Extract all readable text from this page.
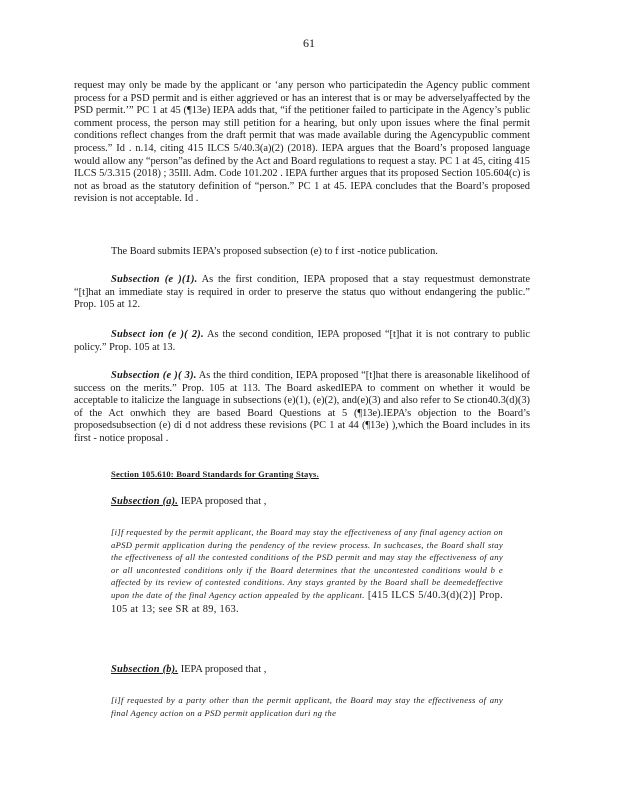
61

request may only be made by the applicant or ‘any person who participatedin the Agency public comment process for a PSD permit and is either aggrieved or has an interest that is or may be adverselyaffected by the PSD permit.’” PC 1 at 45 (¶13e) IEPA adds that, “if the petitioner failed to participate in the Agency’s public comment process, the person may still petition for a hearing, but only upon issues where the final permit conditions reflect changes from the draft permit that was made available during the Agencypublic comment process.” Id . n.14, citing 415 ILCS 5/40.3(a)(2) (2018). IEPA argues that the Board’s proposed language would allow any “person”as defined by the Act and Board regulations to request a stay. PC 1 at 45, citing 415 ILCS 5/3.315 (2018) ; 35Ill. Adm. Code 101.202 . IEPA further argues that its proposed Section 105.604(c) is not as broad as the statutory definition of “person.” PC 1 at 45. IEPA concludes that the Board’s proposed revision is not acceptable. Id .

The Board submits IEPA’s proposed subsection (e) to f irst -notice publication.

Subsection (e )(1). As the first condition, IEPA proposed that a stay requestmust demonstrate “[t]hat an immediate stay is required in order to preserve the status quo without endangering the public.” Prop. 105 at 12.

Subsect ion (e )( 2). As the second condition, IEPA proposed “[t]hat it is not contrary to public policy.” Prop. 105 at 13.

Subsection (e )( 3). As the third condition, IEPA proposed “[t]hat there is areasonable likelihood of success on the merits.” Prop. 105 at 113. The Board askedIEPA to comment on whether it would be acceptable to italicize the language in subsections (e)(1), (e)(2), and(e)(3) and also refer to Se ction40.3(d)(3) of the Act onwhich they are based Board Questions at 5 (¶13e).IEPA’s objection to the Board’s proposedsubsection (e) di d not address these revisions (PC 1 at 44 (¶13e) ),which the Board includes in its first - notice proposal .

Section 105.610: Board Standards for Granting Stays.

Subsection (a). IEPA proposed that ,

[i]f requested by the permit applicant, the Board may stay the effectiveness of any final agency action on aPSD permit application during the pendency of the review process. In suchcases, the Board shall stay the effectiveness of all the contested conditions of the PSD permit and may stay the effectiveness of any or all uncontested conditions only if the Board determines that the uncontested conditions would b e affected by its review of contested conditions. Any stays granted by the Board shall be deemedeffective upon the date of the final Agency action appealed by the applicant. [415 ILCS 5/40.3(d)(2)] Prop. 105 at 13; see SR at 89, 163.

Subsection (b). IEPA proposed that ,

[i]f requested by a party other than the permit applicant, the Board may stay the effectiveness of any final Agency action on a PSD permit application duri ng the
